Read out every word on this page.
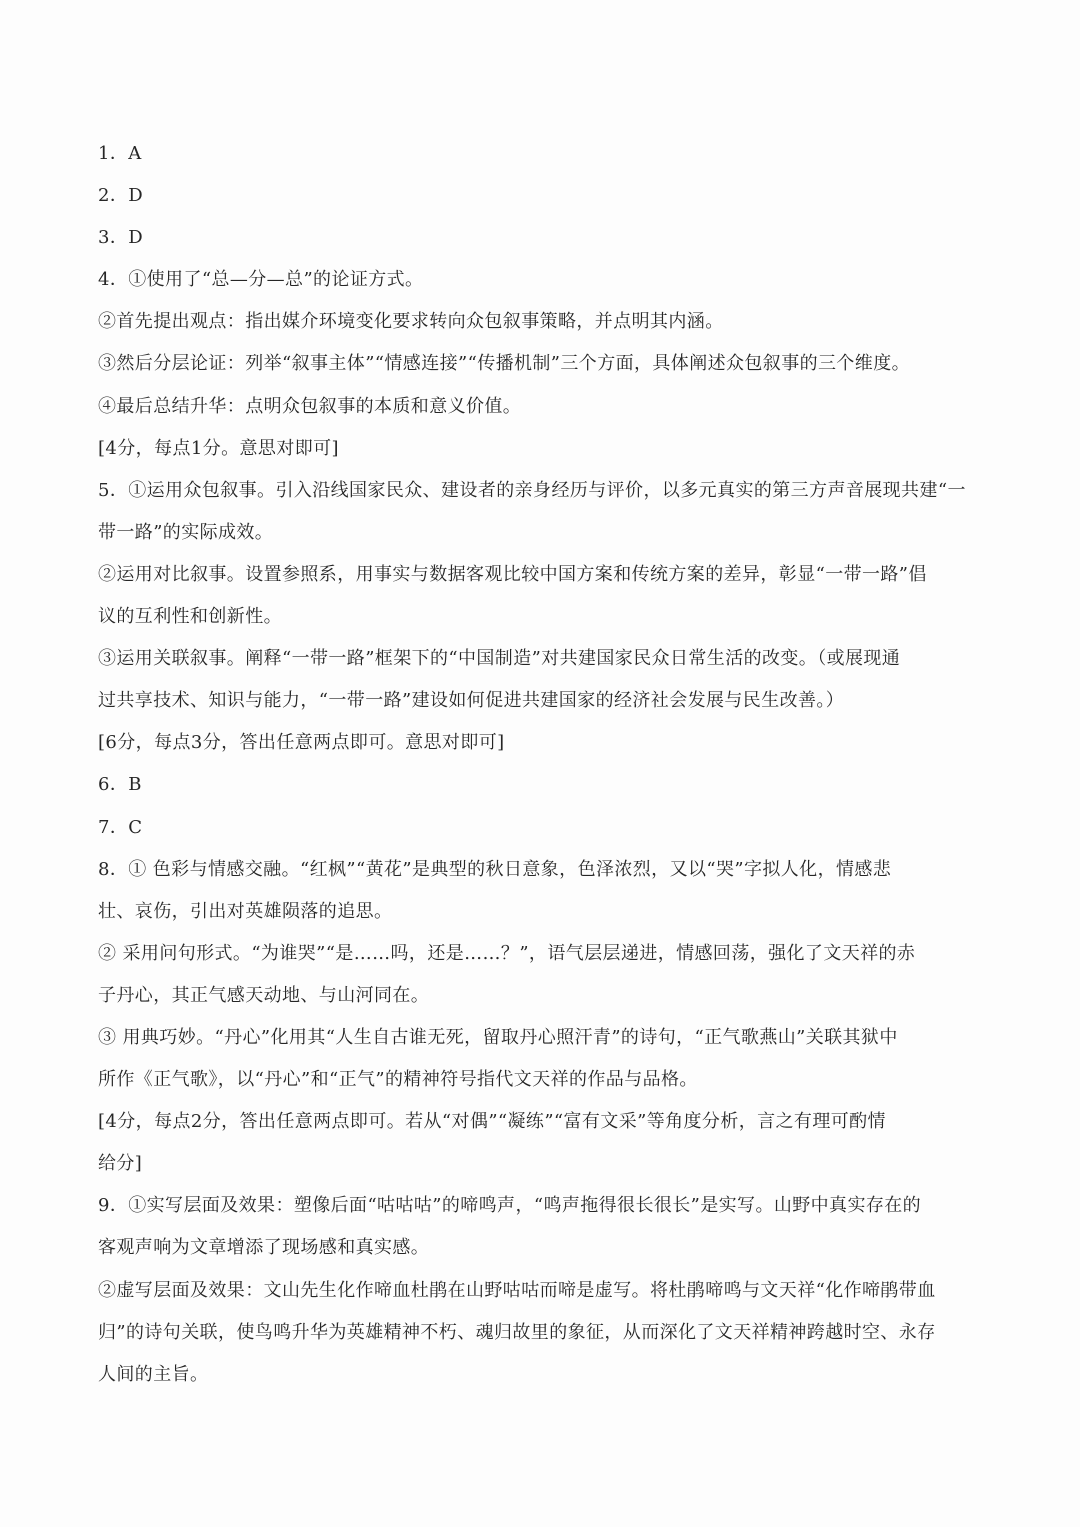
1．A
2．D
3．D
4．①使用了“总—分—总”的论证方式。
②首先提出观点：指出媒介环境变化要求转向众包叙事策略，并点明其内涵。
③然后分层论证：列举“叙事主体”“情感连接”“传播机制”三个方面，具体阐述众包叙事的三个维度。
④最后总结升华：点明众包叙事的本质和意义价值。
[4分，每点1分。意思对即可]
5．①运用众包叙事。引入沿线国家民众、建设者的亲身经历与评价，以多元真实的第三方声音展现共建“一
带一路”的实际成效。
②运用对比叙事。设置参照系，用事实与数据客观比较中国方案和传统方案的差异，彰显“一带一路”倡
议的互利性和创新性。
③运用关联叙事。阐释“一带一路”框架下的“中国制造”对共建国家民众日常生活的改变。（或展现通
过共享技术、知识与能力，“一带一路”建设如何促进共建国家的经济社会发展与民生改善。）
[6分，每点3分，答出任意两点即可。意思对即可]
6．B
7．C
8．① 色彩与情感交融。“红枫”“黄花”是典型的秋日意象，色泽浓烈，又以“哭”字拟人化，情感悲
壮、哀伤，引出对英雄陨落的追思。
② 采用问句形式。“为谁哭”“是……吗，还是……？”，语气层层递进，情感回荡，强化了文天祥的赤
子丹心，其正气感天动地、与山河同在。
③ 用典巧妙。“丹心”化用其“人生自古谁无死，留取丹心照汗青”的诗句，“正气歌燕山”关联其狱中
所作《正气歌》，以“丹心”和“正气”的精神符号指代文天祥的作品与品格。
[4分，每点2分，答出任意两点即可。若从“对偶”“凝练”“富有文采”等角度分析，言之有理可酌情
给分]
9．①实写层面及效果：塑像后面“咕咕咕”的啼鸣声，“鸣声拖得很长很长”是实写。山野中真实存在的
客观声响为文章增添了现场感和真实感。
②虚写层面及效果：文山先生化作啼血杜鹃在山野咕咕而啼是虚写。将杜鹃啼鸣与文天祥“化作啼鹃带血
归”的诗句关联，使鸟鸣升华为英雄精神不朽、魂归故里的象征，从而深化了文天祥精神跨越时空、永存
人间的主旨。
